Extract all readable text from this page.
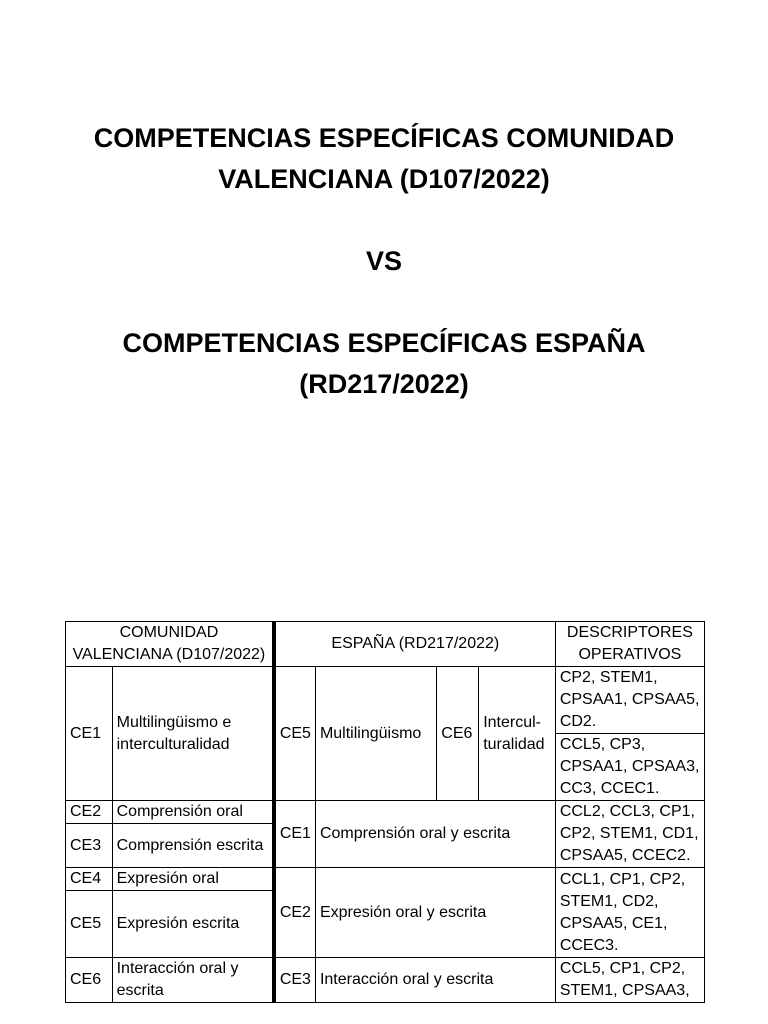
COMPETENCIAS ESPECÍFICAS COMUNIDAD
VALENCIANA (D107/2022)
VS
COMPETENCIAS ESPECÍFICAS ESPAÑA
(RD217/2022)
COMUNIDAD VALENCIANA (D107/2022)		ESPAÑA (RD217/2022)				DESCRIPTORES OPERATIVOS
CE1	Multilingüismo e interculturalidad	CE5	Multilingüismo	CE6	Intercul-turalidad	CP2, STEM1, CPSAA1, CPSAA5, CD2.
						CCL5, CP3, CPSAA1, CPSAA3, CC3, CCEC1.
CE2	Comprensión oral	CE1	Comprensión oral y escrita			CCL2, CCL3, CP1, CP2, STEM1, CD1, CPSAA5, CCEC2.
CE3	Comprensión escrita					
CE4	Expresión oral	CE2	Expresión oral y escrita			CCL1, CP1, CP2, STEM1, CD2, CPSAA5, CE1, CCEC3.
CE5	Expresión escrita					
CE6	Interacción oral y escrita	CE3	Interacción oral y escrita			CCL5, CP1, CP2, STEM1, CPSAA3,
